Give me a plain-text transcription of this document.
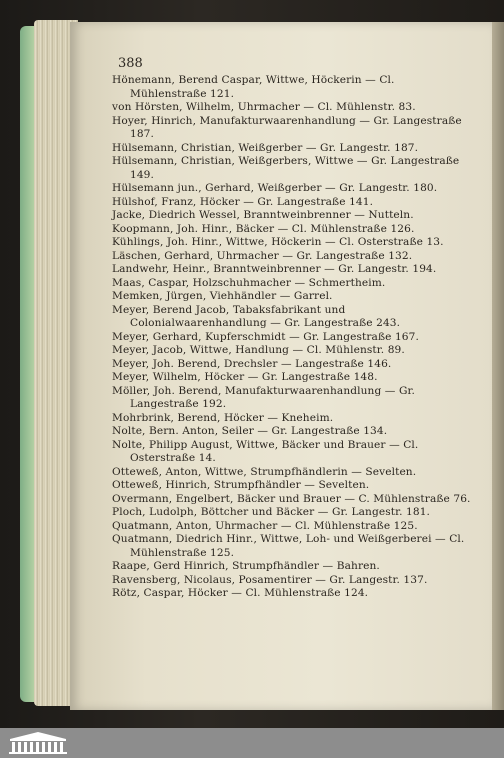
388
Hönemann, Berend Caspar, Wittwe, Höckerin — Cl. Mühlenstraße 121.
von Hörsten, Wilhelm, Uhrmacher — Cl. Mühlenstr. 83.
Hoyer, Hinrich, Manufakturwaarenhandlung — Gr. Langestraße 187.
Hülsemann, Christian, Weißgerber — Gr. Langestr. 187.
Hülsemann, Christian, Weißgerbers, Wittwe — Gr. Langestraße 149.
Hülsemann jun., Gerhard, Weißgerber — Gr. Langestr. 180.
Hülshof, Franz, Höcker — Gr. Langestraße 141.
Jacke, Diedrich Wessel, Branntweinbrenner — Nutteln.
Koopmann, Joh. Hinr., Bäcker — Cl. Mühlenstraße 126.
Kühlings, Joh. Hinr., Wittwe, Höckerin — Cl. Osterstraße 13.
Läschen, Gerhard, Uhrmacher — Gr. Langestraße 132.
Landwehr, Heinr., Branntweinbrenner — Gr. Langestr. 194.
Maas, Caspar, Holzschuhmacher — Schmertheim.
Memken, Jürgen, Viehhändler — Garrel.
Meyer, Berend Jacob, Tabaksfabrikant und Colonialwaarenhandlung — Gr. Langestraße 243.
Meyer, Gerhard, Kupferschmidt — Gr. Langestraße 167.
Meyer, Jacob, Wittwe, Handlung — Cl. Mühlenstr. 89.
Meyer, Joh. Berend, Drechsler — Langestraße 146.
Meyer, Wilhelm, Höcker — Gr. Langestraße 148.
Möller, Joh. Berend, Manufakturwaarenhandlung — Gr. Langestraße 192.
Mohrbrink, Berend, Höcker — Kneheim.
Nolte, Bern. Anton, Seiler — Gr. Langestraße 134.
Nolte, Philipp August, Wittwe, Bäcker und Brauer — Cl. Osterstraße 14.
Otteweß, Anton, Wittwe, Strumpfhändlerin — Sevelten.
Otteweß, Hinrich, Strumpfhändler — Sevelten.
Overmann, Engelbert, Bäcker und Brauer — C. Mühlenstraße 76.
Ploch, Ludolph, Böttcher und Bäcker — Gr. Langestr. 181.
Quatmann, Anton, Uhrmacher — Cl. Mühlenstraße 125.
Quatmann, Diedrich Hinr., Wittwe, Loh- und Weißgerberei — Cl. Mühlenstraße 125.
Raape, Gerd Hinrich, Strumpfhändler — Bahren.
Ravensberg, Nicolaus, Posamentirer — Gr. Langestr. 137.
Rötz, Caspar, Höcker — Cl. Mühlenstraße 124.
